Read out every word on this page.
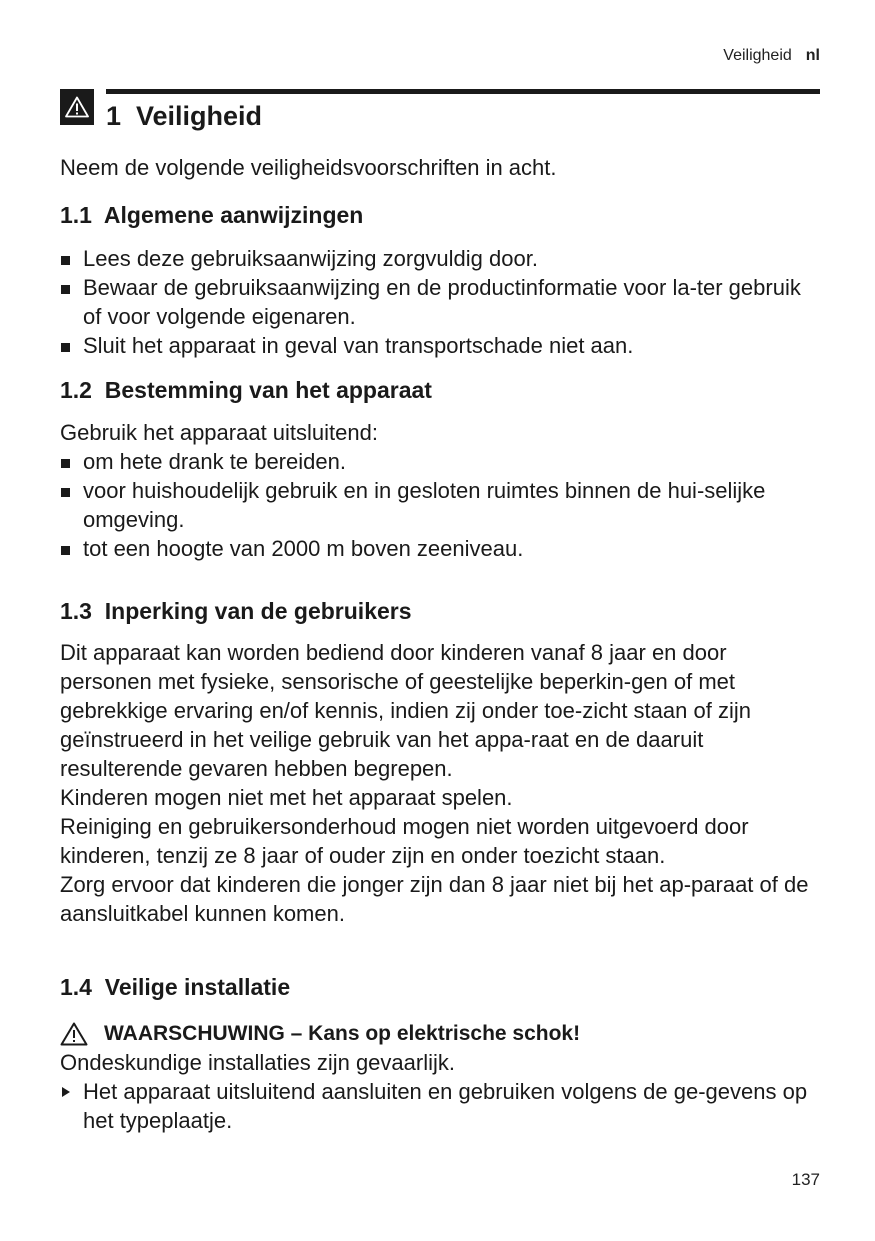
Veiligheid nl
1  Veiligheid

Neem de volgende veiligheidsvoorschriften in acht.

1.1  Algemene aanwijzingen
Lees deze gebruiksaanwijzing zorgvuldig door.
Bewaar de gebruiksaanwijzing en de productinformatie voor la-ter gebruik of voor volgende eigenaren.
Sluit het apparaat in geval van transportschade niet aan.
1.2  Bestemming van het apparaat

Gebruik het apparaat uitsluitend:

om hete drank te bereiden.
voor huishoudelijk gebruik en in gesloten ruimtes binnen de hui-selijke omgeving.
tot een hoogte van 2000 m boven zeeniveau.
1.3  Inperking van de gebruikers

Dit apparaat kan worden bediend door kinderen vanaf 8 jaar en door personen met fysieke, sensorische of geestelijke beperkin-gen of met gebrekkige ervaring en/of kennis, indien zij onder toe-zicht staan of zijn geïnstrueerd in het veilige gebruik van het appa-raat en de daaruit resulterende gevaren hebben begrepen.

Kinderen mogen niet met het apparaat spelen.

Reiniging en gebruikersonderhoud mogen niet worden uitgevoerd door kinderen, tenzij ze 8 jaar of ouder zijn en onder toezicht staan.

Zorg ervoor dat kinderen die jonger zijn dan 8 jaar niet bij het ap-paraat of de aansluitkabel kunnen komen.

1.4  Veilige installatie
WAARSCHUWING – Kans op elektrische schok!

Ondeskundige installaties zijn gevaarlijk.

Het apparaat uitsluitend aansluiten en gebruiken volgens de ge-gevens op het typeplaatje.
137
